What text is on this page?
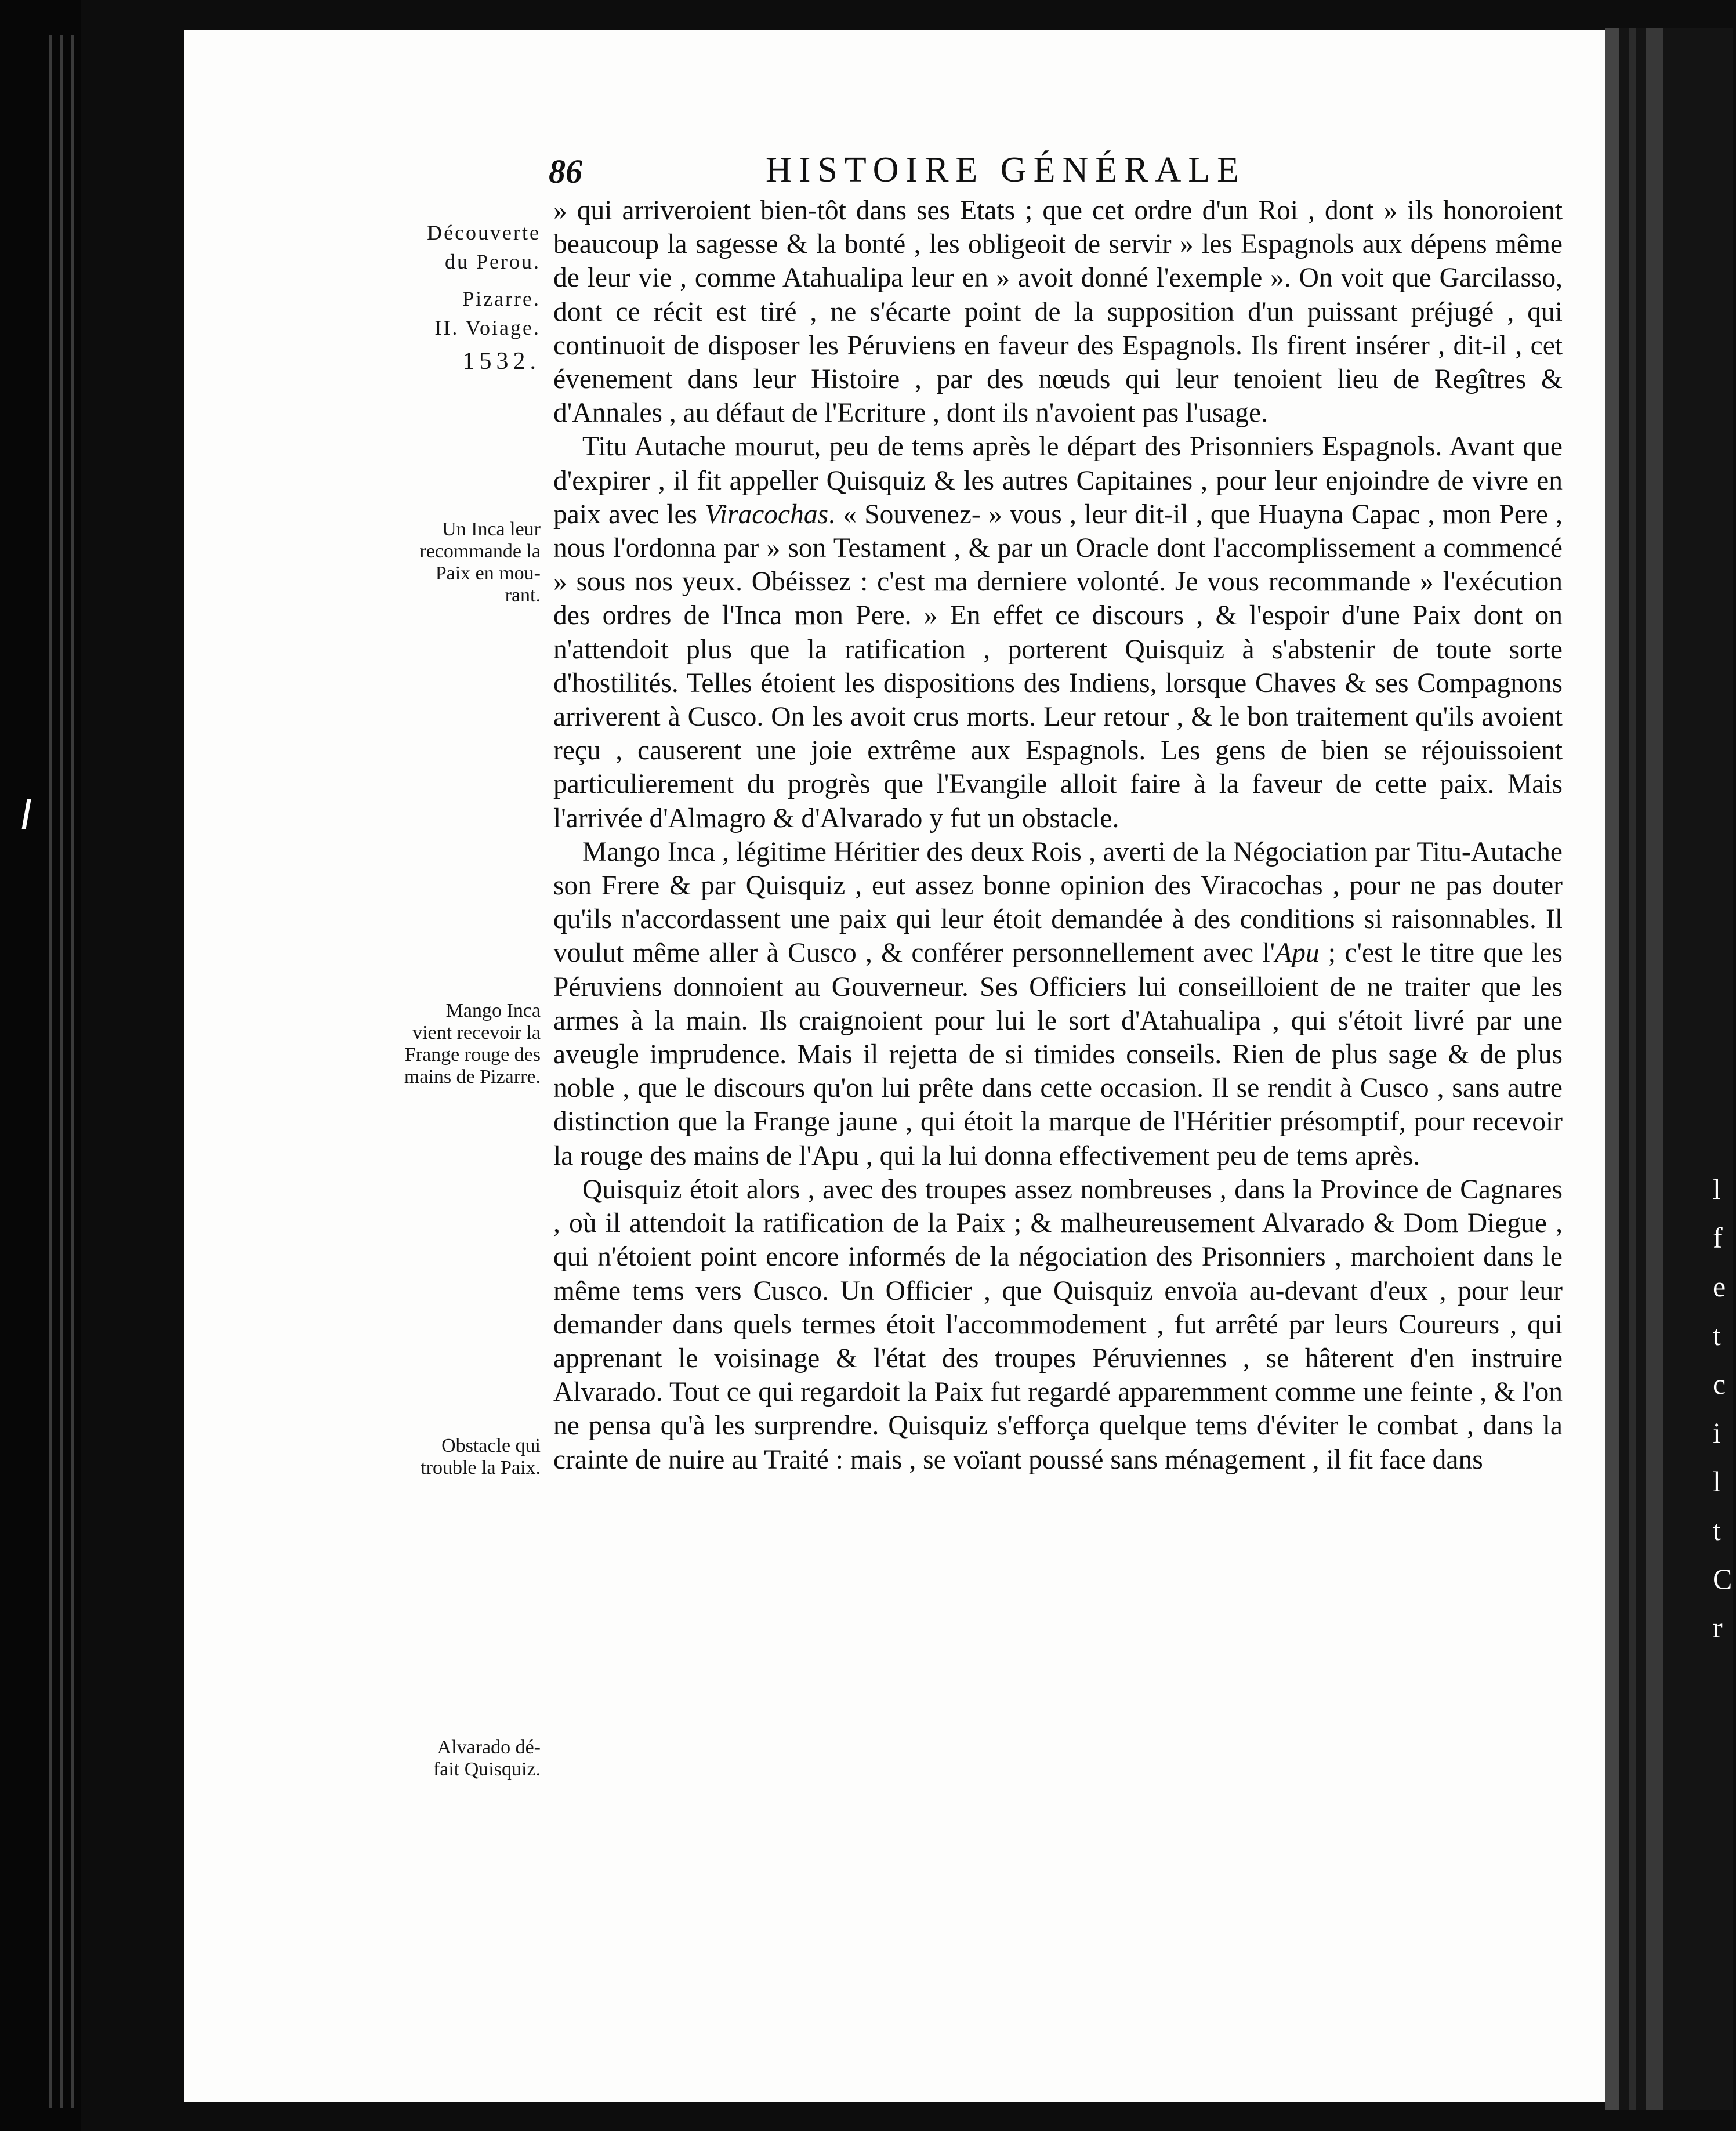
l f e t c i l t C r
86	HISTOIRE GÉNÉRALE
Découverte
du Perou.
Pizarre.
II. Voiage.
1532.
Un Inca leur
recommande la
Paix en mou-
rant.
Mango Inca
vient recevoir la
Frange rouge des
mains de Pizarre.
Obstacle qui
trouble la Paix.
Alvarado dé-
fait Quisquiz.

» qui arriveroient bien-tôt dans ses Etats ; que cet ordre d'un Roi , dont » ils honoroient beaucoup la sagesse & la bonté , les obligeoit de servir » les Espagnols aux dépens même de leur vie , comme Atahualipa leur en » avoit donné l'exemple ». On voit que Garcilasso, dont ce récit est tiré , ne s'écarte point de la supposition d'un puissant préjugé , qui continuoit de disposer les Péruviens en faveur des Espagnols. Ils firent insérer , dit-il , cet évenement dans leur Histoire , par des nœuds qui leur tenoient lieu de Regîtres & d'Annales , au défaut de l'Ecriture , dont ils n'avoient pas l'usage.

Titu Autache mourut, peu de tems après le départ des Prisonniers Espagnols. Avant que d'expirer , il fit appeller Quisquiz & les autres Capitaines , pour leur enjoindre de vivre en paix avec les Viracochas. « Souvenez- » vous , leur dit-il , que Huayna Capac , mon Pere , nous l'ordonna par » son Testament , & par un Oracle dont l'accomplissement a commencé » sous nos yeux. Obéissez : c'est ma derniere volonté. Je vous recommande » l'exécution des ordres de l'Inca mon Pere. » En effet ce discours , & l'espoir d'une Paix dont on n'attendoit plus que la ratification , porterent Quisquiz à s'abstenir de toute sorte d'hostilités. Telles étoient les dispositions des Indiens, lorsque Chaves & ses Compagnons arriverent à Cusco. On les avoit crus morts. Leur retour , & le bon traitement qu'ils avoient reçu , causerent une joie extrême aux Espagnols. Les gens de bien se réjouissoient particulierement du progrès que l'Evangile alloit faire à la faveur de cette paix. Mais l'arrivée d'Almagro & d'Alvarado y fut un obstacle.

Mango Inca , légitime Héritier des deux Rois , averti de la Négociation par Titu-Autache son Frere & par Quisquiz , eut assez bonne opinion des Viracochas , pour ne pas douter qu'ils n'accordassent une paix qui leur étoit demandée à des conditions si raisonnables. Il voulut même aller à Cusco , & conférer personnellement avec l'Apu ; c'est le titre que les Péruviens donnoient au Gouverneur. Ses Officiers lui conseilloient de ne traiter que les armes à la main. Ils craignoient pour lui le sort d'Atahualipa , qui s'étoit livré par une aveugle imprudence. Mais il rejetta de si timides conseils. Rien de plus sage & de plus noble , que le discours qu'on lui prête dans cette occasion. Il se rendit à Cusco , sans autre distinction que la Frange jaune , qui étoit la marque de l'Héritier présomptif, pour recevoir la rouge des mains de l'Apu , qui la lui donna effectivement peu de tems après.

Quisquiz étoit alors , avec des troupes assez nombreuses , dans la Province de Cagnares , où il attendoit la ratification de la Paix ; & malheureusement Alvarado & Dom Diegue , qui n'étoient point encore informés de la négociation des Prisonniers , marchoient dans le même tems vers Cusco. Un Officier , que Quisquiz envoïa au-devant d'eux , pour leur demander dans quels termes étoit l'accommodement , fut arrêté par leurs Coureurs , qui apprenant le voisinage & l'état des troupes Péruviennes , se hâterent d'en instruire Alvarado. Tout ce qui regardoit la Paix fut regardé apparemment comme une feinte , & l'on ne pensa qu'à les surprendre. Quisquiz s'efforça quelque tems d'éviter le combat , dans la crainte de nuire au Traité : mais , se voïant poussé sans ménagement , il fit face dans
